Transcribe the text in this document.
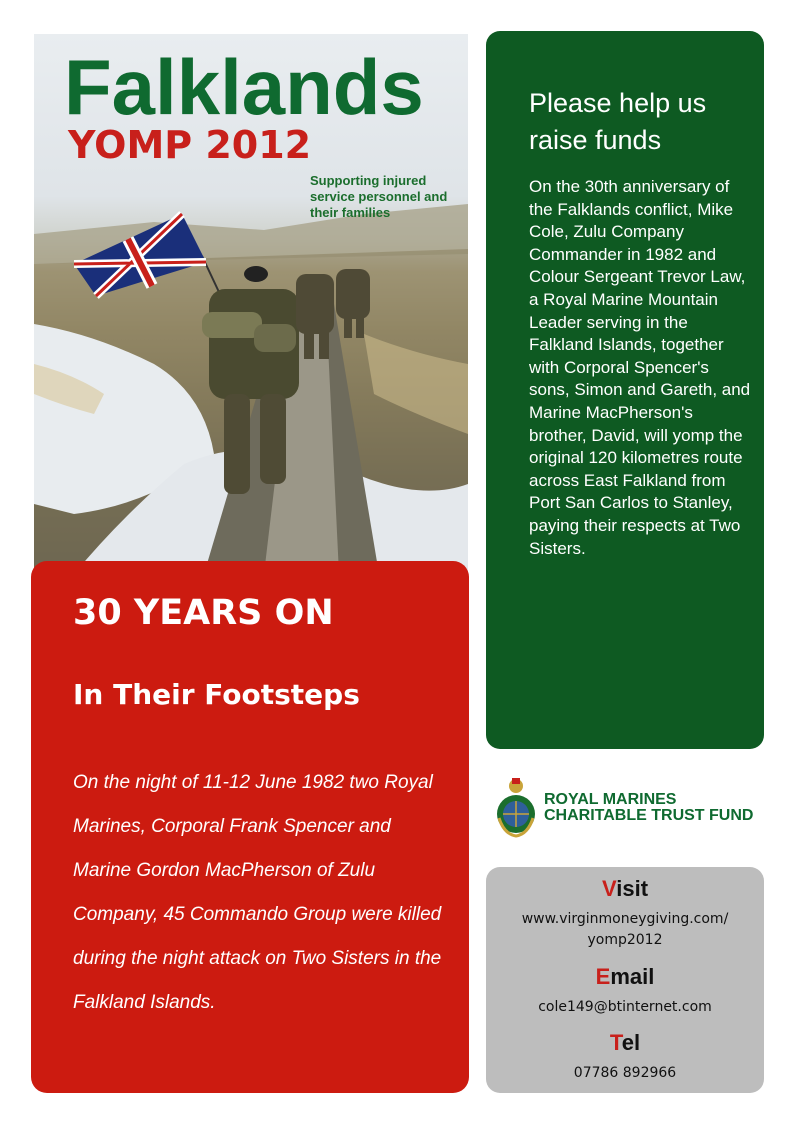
Falklands
YOMP 2012

Supporting injured service personnel and their families

30 YEARS ON
In Their Footsteps

On the night of 11-12 June 1982 two Royal Marines, Corporal Frank Spencer and Marine Gordon MacPherson of Zulu Company, 45 Commando Group were killed during the night attack on Two Sisters in the Falkland Islands.

Please help us raise funds

On the 30th anniversary of the Falklands conflict, Mike Cole, Zulu Company Commander in 1982 and Colour Sergeant Trevor Law, a Royal Marine Mountain Leader serving in the Falkland Islands, together with Corporal Spencer's sons, Simon and Gareth, and Marine MacPherson's brother, David, will yomp the original 120 kilometres route across East Falkland from Port San Carlos to Stanley, paying their respects at Two Sisters.

ROYAL MARINES

CHARITABLE TRUST FUND

Visit

www.virginmoneygiving.com/
yomp2012

Email

cole149@btinternet.com

Tel

07786 892966
